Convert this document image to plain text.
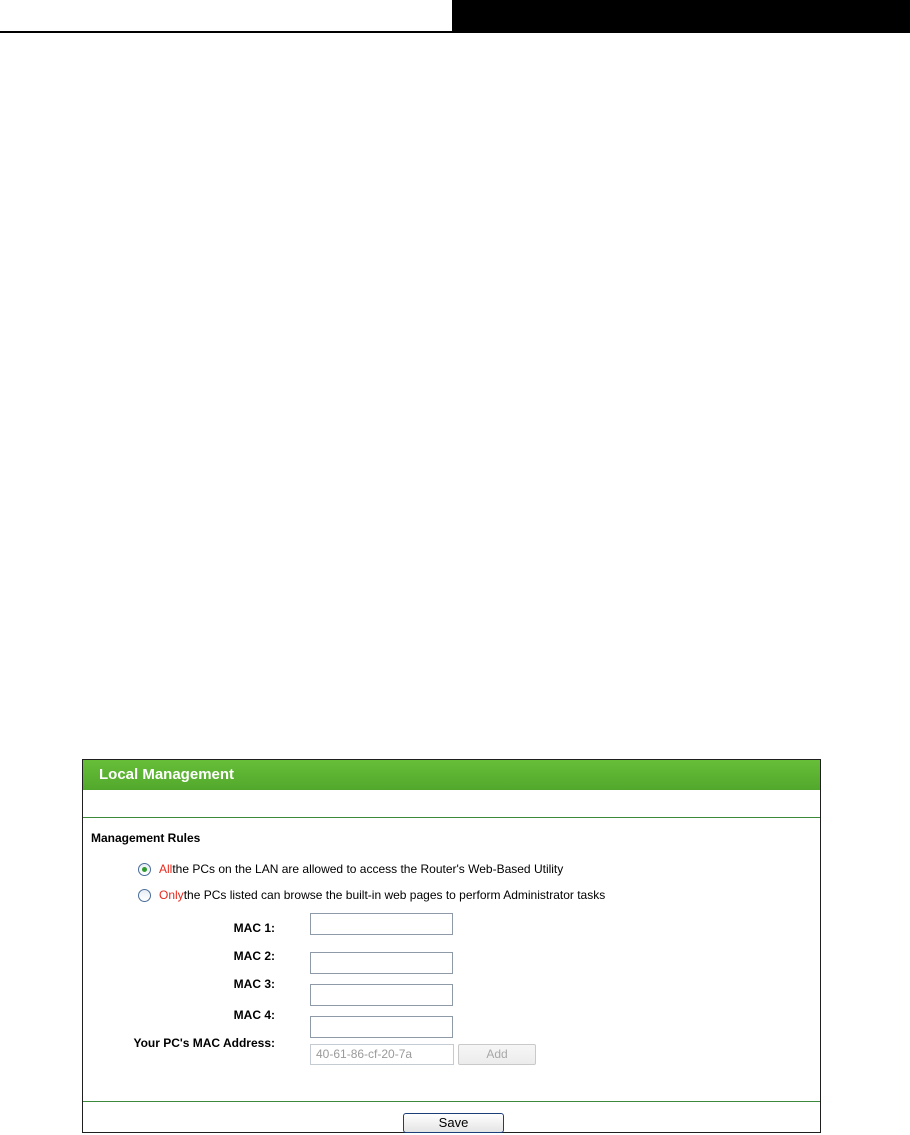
Local Management
Management Rules
All the PCs on the LAN are allowed to access the Router's Web-Based Utility
Only the PCs listed can browse the built-in web pages to perform Administrator tasks
MAC 1:
MAC 2:
MAC 3:
MAC 4:
Your PC's MAC Address:
40-61-86-cf-20-7a	Add
Save
